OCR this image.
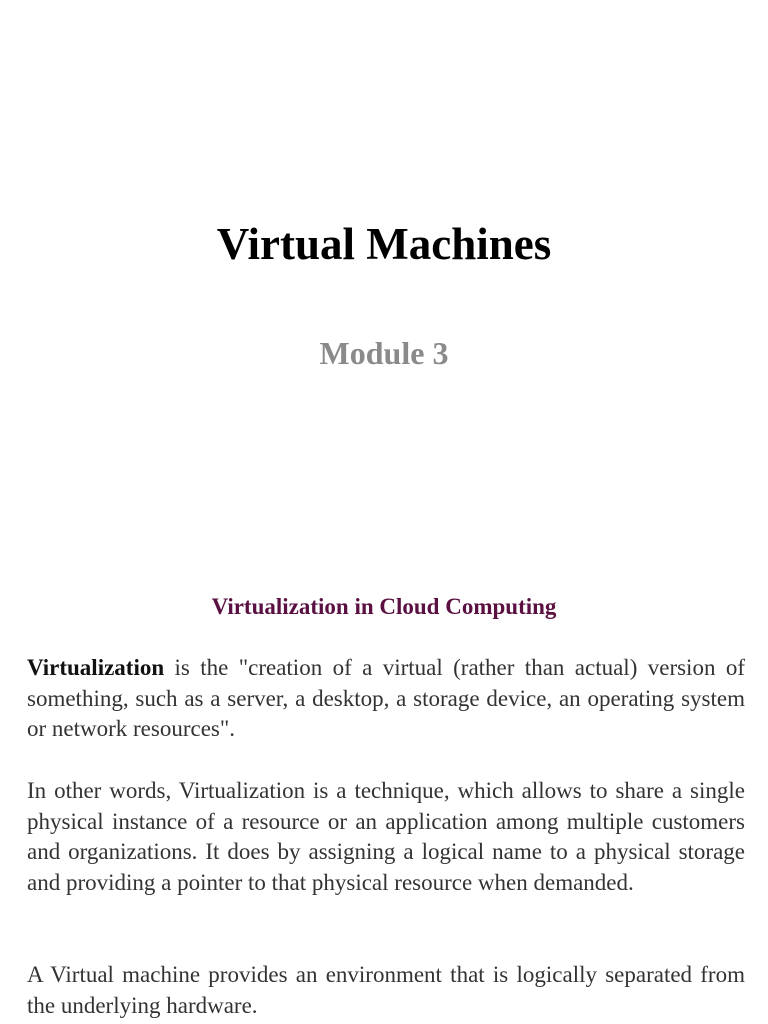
Virtual Machines
Module 3
Virtualization in Cloud Computing

Virtualization is the "creation of a virtual (rather than actual) version of something, such as a server, a desktop, a storage device, an operating system or network resources".

In other words, Virtualization is a technique, which allows to share a single physical instance of a resource or an application among multiple customers and organizations. It does by assigning a logical name to a physical storage and providing a pointer to that physical resource when demanded.

A Virtual machine provides an environment that is logically separated from the underlying hardware.
